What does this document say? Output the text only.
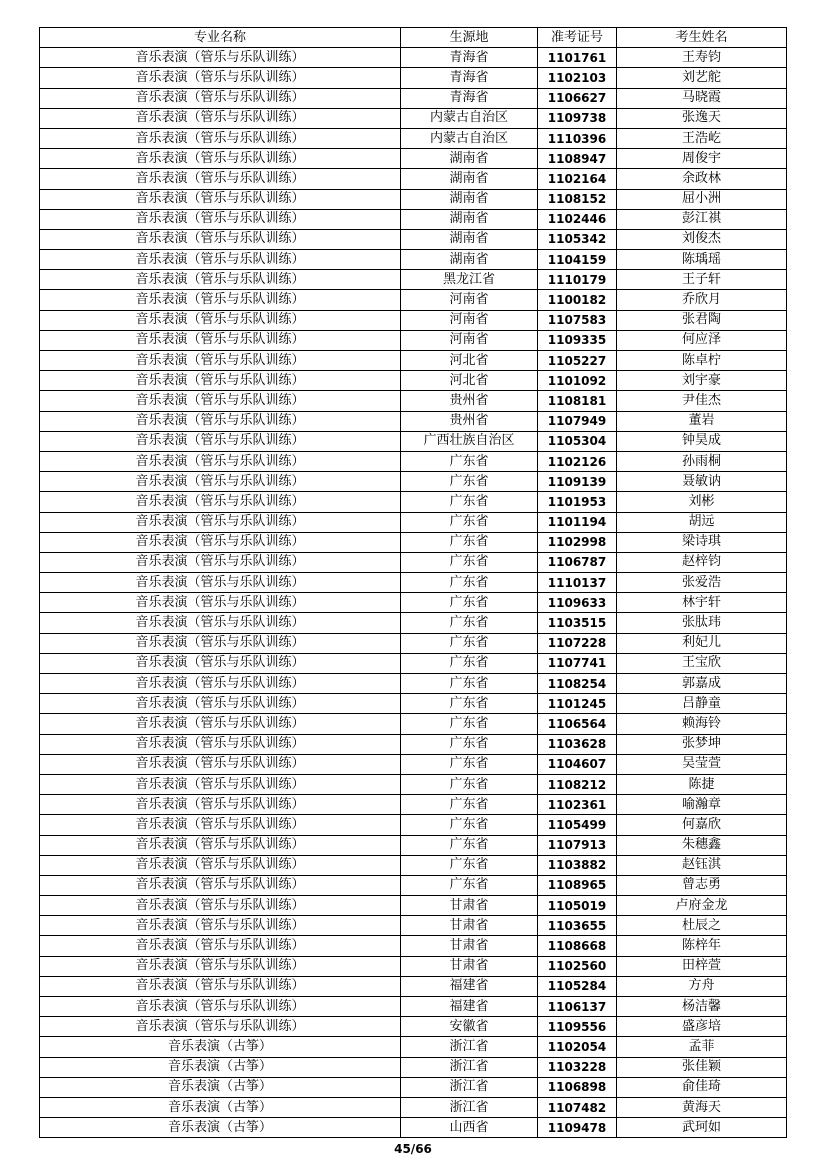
专业名称	生源地	准考证号	考生姓名
音乐表演（管乐与乐队训练）	青海省	1101761	王寿钧
音乐表演（管乐与乐队训练）	青海省	1102103	刘艺舵
音乐表演（管乐与乐队训练）	青海省	1106627	马晓霞
音乐表演（管乐与乐队训练）	内蒙古自治区	1109738	张逸天
音乐表演（管乐与乐队训练）	内蒙古自治区	1110396	王浩屹
音乐表演（管乐与乐队训练）	湖南省	1108947	周俊宇
音乐表演（管乐与乐队训练）	湖南省	1102164	余政林
音乐表演（管乐与乐队训练）	湖南省	1108152	屈小洲
音乐表演（管乐与乐队训练）	湖南省	1102446	彭江祺
音乐表演（管乐与乐队训练）	湖南省	1105342	刘俊杰
音乐表演（管乐与乐队训练）	湖南省	1104159	陈瑀瑶
音乐表演（管乐与乐队训练）	黑龙江省	1110179	王子轩
音乐表演（管乐与乐队训练）	河南省	1100182	乔欣月
音乐表演（管乐与乐队训练）	河南省	1107583	张君陶
音乐表演（管乐与乐队训练）	河南省	1109335	何应泽
音乐表演（管乐与乐队训练）	河北省	1105227	陈卓柠
音乐表演（管乐与乐队训练）	河北省	1101092	刘宇豪
音乐表演（管乐与乐队训练）	贵州省	1108181	尹佳杰
音乐表演（管乐与乐队训练）	贵州省	1107949	董岩
音乐表演（管乐与乐队训练）	广西壮族自治区	1105304	钟昊成
音乐表演（管乐与乐队训练）	广东省	1102126	孙雨桐
音乐表演（管乐与乐队训练）	广东省	1109139	聂敏讷
音乐表演（管乐与乐队训练）	广东省	1101953	刘彬
音乐表演（管乐与乐队训练）	广东省	1101194	胡远
音乐表演（管乐与乐队训练）	广东省	1102998	梁诗琪
音乐表演（管乐与乐队训练）	广东省	1106787	赵梓钧
音乐表演（管乐与乐队训练）	广东省	1110137	张爱浩
音乐表演（管乐与乐队训练）	广东省	1109633	林宇轩
音乐表演（管乐与乐队训练）	广东省	1103515	张肽玮
音乐表演（管乐与乐队训练）	广东省	1107228	利妃儿
音乐表演（管乐与乐队训练）	广东省	1107741	王宝欣
音乐表演（管乐与乐队训练）	广东省	1108254	郭嘉成
音乐表演（管乐与乐队训练）	广东省	1101245	吕静童
音乐表演（管乐与乐队训练）	广东省	1106564	赖海铃
音乐表演（管乐与乐队训练）	广东省	1103628	张梦坤
音乐表演（管乐与乐队训练）	广东省	1104607	吴莹萱
音乐表演（管乐与乐队训练）	广东省	1108212	陈捷
音乐表演（管乐与乐队训练）	广东省	1102361	喻瀚章
音乐表演（管乐与乐队训练）	广东省	1105499	何嘉欣
音乐表演（管乐与乐队训练）	广东省	1107913	朱穗鑫
音乐表演（管乐与乐队训练）	广东省	1103882	赵钰淇
音乐表演（管乐与乐队训练）	广东省	1108965	曾志勇
音乐表演（管乐与乐队训练）	甘肃省	1105019	卢府金龙
音乐表演（管乐与乐队训练）	甘肃省	1103655	杜辰之
音乐表演（管乐与乐队训练）	甘肃省	1108668	陈梓年
音乐表演（管乐与乐队训练）	甘肃省	1102560	田梓萱
音乐表演（管乐与乐队训练）	福建省	1105284	方舟
音乐表演（管乐与乐队训练）	福建省	1106137	杨洁馨
音乐表演（管乐与乐队训练）	安徽省	1109556	盛彦培
音乐表演（古筝）	浙江省	1102054	孟菲
音乐表演（古筝）	浙江省	1103228	张佳颖
音乐表演（古筝）	浙江省	1106898	俞佳琦
音乐表演（古筝）	浙江省	1107482	黄海天
音乐表演（古筝）	山西省	1109478	武珂如
45/66
